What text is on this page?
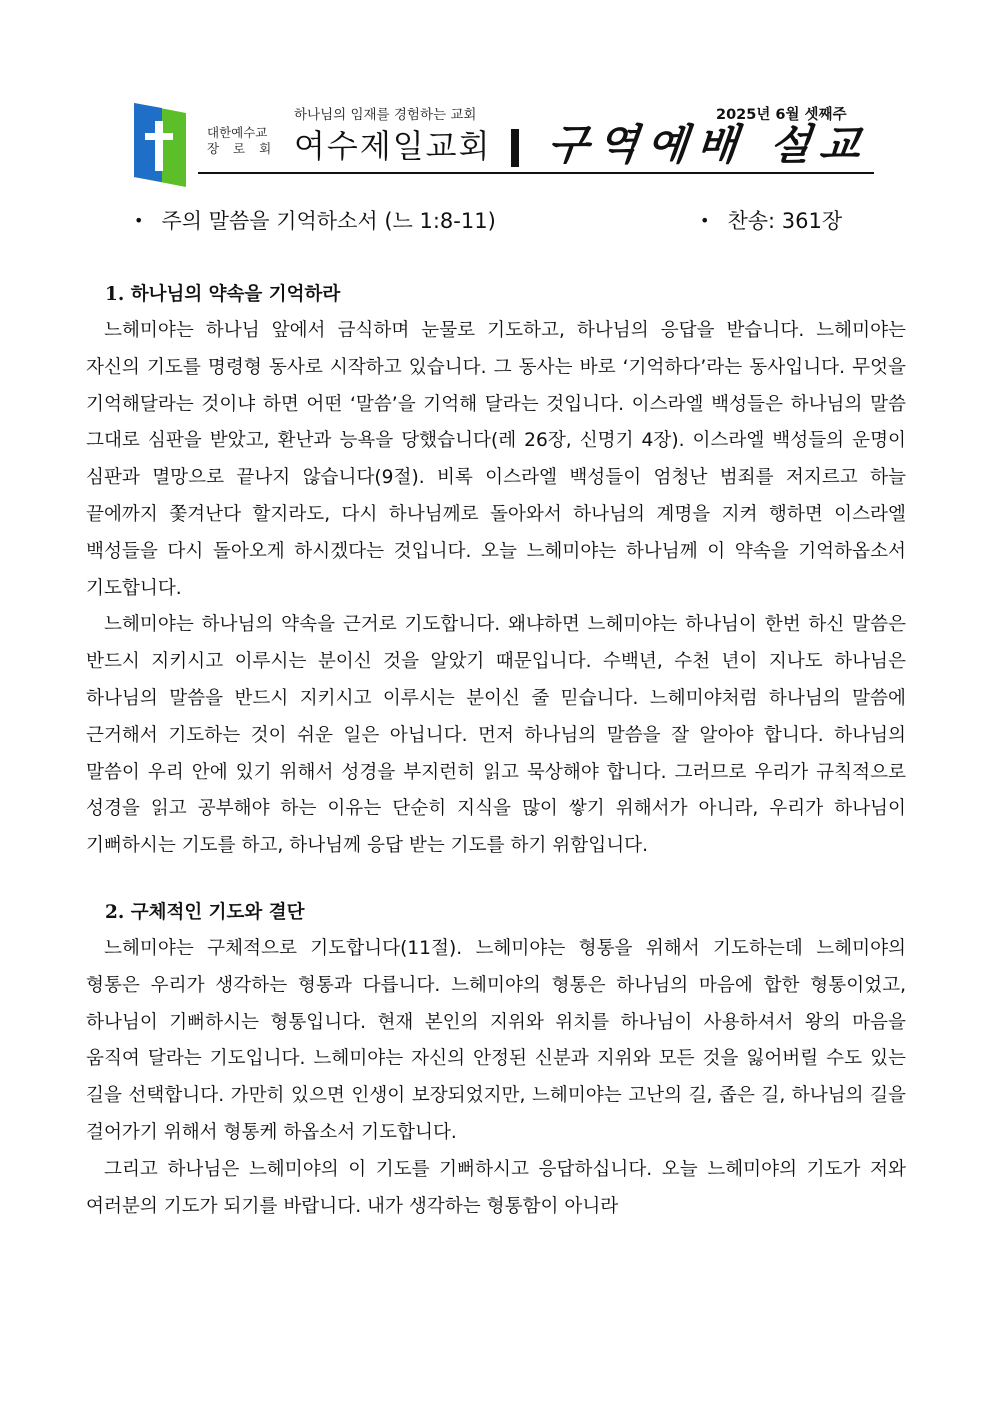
대한예수교
장 로 회
하나님의 임재를 경험하는 교회
여수제일교회
2025년 6월 셋째주
구역예배 설교
• 주의 말씀을 기억하소서 (느 1:8-11)	• 찬송: 361장
1. 하나님의 약속을 기억하라

느헤미야는 하나님 앞에서 금식하며 눈물로 기도하고, 하나님의 응답을 받습니다. 느헤미야는 자신의 기도를 명령형 동사로 시작하고 있습니다. 그 동사는 바로 ‘기억하다’라는 동사입니다. 무엇을 기억해달라는 것이냐 하면 어떤 ‘말씀’을 기억해 달라는 것입니다. 이스라엘 백성들은 하나님의 말씀 그대로 심판을 받았고, 환난과 능욕을 당했습니다(레 26장, 신명기 4장). 이스라엘 백성들의 운명이 심판과 멸망으로 끝나지 않습니다(9절). 비록 이스라엘 백성들이 엄청난 범죄를 저지르고 하늘 끝에까지 쫓겨난다 할지라도, 다시 하나님께로 돌아와서 하나님의 계명을 지켜 행하면 이스라엘 백성들을 다시 돌아오게 하시겠다는 것입니다. 오늘 느헤미야는 하나님께 이 약속을 기억하옵소서 기도합니다.

느헤미야는 하나님의 약속을 근거로 기도합니다. 왜냐하면 느헤미야는 하나님이 한번 하신 말씀은 반드시 지키시고 이루시는 분이신 것을 알았기 때문입니다. 수백년, 수천 년이 지나도 하나님은 하나님의 말씀을 반드시 지키시고 이루시는 분이신 줄 믿습니다. 느헤미야처럼 하나님의 말씀에 근거해서 기도하는 것이 쉬운 일은 아닙니다. 먼저 하나님의 말씀을 잘 알아야 합니다. 하나님의 말씀이 우리 안에 있기 위해서 성경을 부지런히 읽고 묵상해야 합니다. 그러므로 우리가 규칙적으로 성경을 읽고 공부해야 하는 이유는 단순히 지식을 많이 쌓기 위해서가 아니라, 우리가 하나님이 기뻐하시는 기도를 하고, 하나님께 응답 받는 기도를 하기 위함입니다.

2. 구체적인 기도와 결단

느헤미야는 구체적으로 기도합니다(11절). 느헤미야는 형통을 위해서 기도하는데 느헤미야의 형통은 우리가 생각하는 형통과 다릅니다. 느헤미야의 형통은 하나님의 마음에 합한 형통이었고, 하나님이 기뻐하시는 형통입니다. 현재 본인의 지위와 위치를 하나님이 사용하셔서 왕의 마음을 움직여 달라는 기도입니다. 느헤미야는 자신의 안정된 신분과 지위와 모든 것을 잃어버릴 수도 있는 길을 선택합니다. 가만히 있으면 인생이 보장되었지만, 느헤미야는 고난의 길, 좁은 길, 하나님의 길을 걸어가기 위해서 형통케 하옵소서 기도합니다.

그리고 하나님은 느헤미야의 이 기도를 기뻐하시고 응답하십니다. 오늘 느헤미야의 기도가 저와 여러분의 기도가 되기를 바랍니다. 내가 생각하는 형통함이 아니라
